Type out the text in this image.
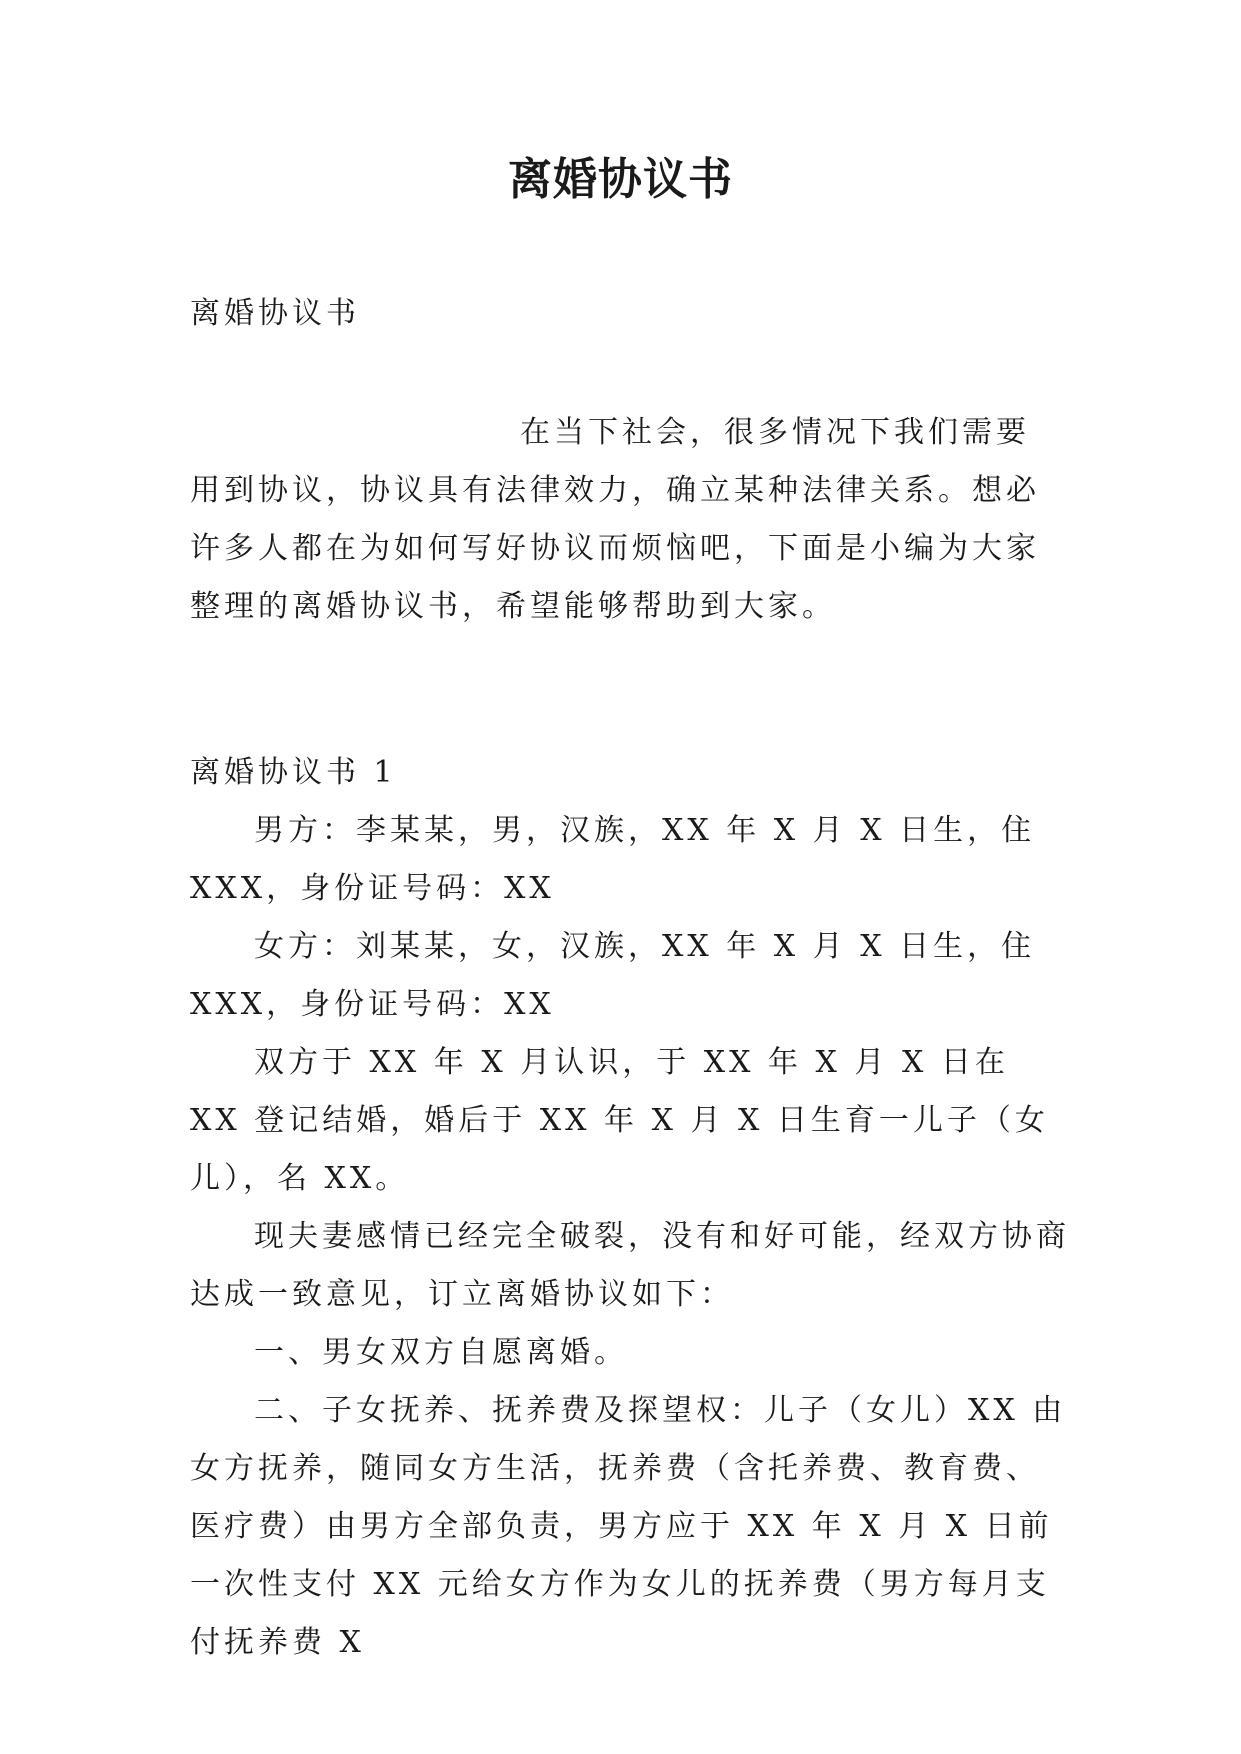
离婚协议书
离婚协议书

在当下社会，很多情况下我们需要用到协议，协议具有法律效力，确立某种法律关系。想必许多人都在为如何写好协议而烦恼吧，下面是小编为大家整理的离婚协议书，希望能够帮助到大家。

离婚协议书 1

男方：李某某，男，汉族，XX 年 X 月 X 日生，住 XXX，身份证号码：XX

女方：刘某某，女，汉族，XX 年 X 月 X 日生，住 XXX，身份证号码：XX

双方于 XX 年 X 月认识，于 XX 年 X 月 X 日在 XX 登记结婚，婚后于 XX 年 X 月 X 日生育一儿子（女儿），名 XX。

现夫妻感情已经完全破裂，没有和好可能，经双方协商达成一致意见，订立离婚协议如下：

一、男女双方自愿离婚。

二、子女抚养、抚养费及探望权：儿子（女儿）XX 由女方抚养，随同女方生活，抚养费（含托养费、教育费、医疗费）由男方全部负责，男方应于 XX 年 X 月 X 日前一次性支付 XX 元给女方作为女儿的抚养费（男方每月支付抚养费 X
